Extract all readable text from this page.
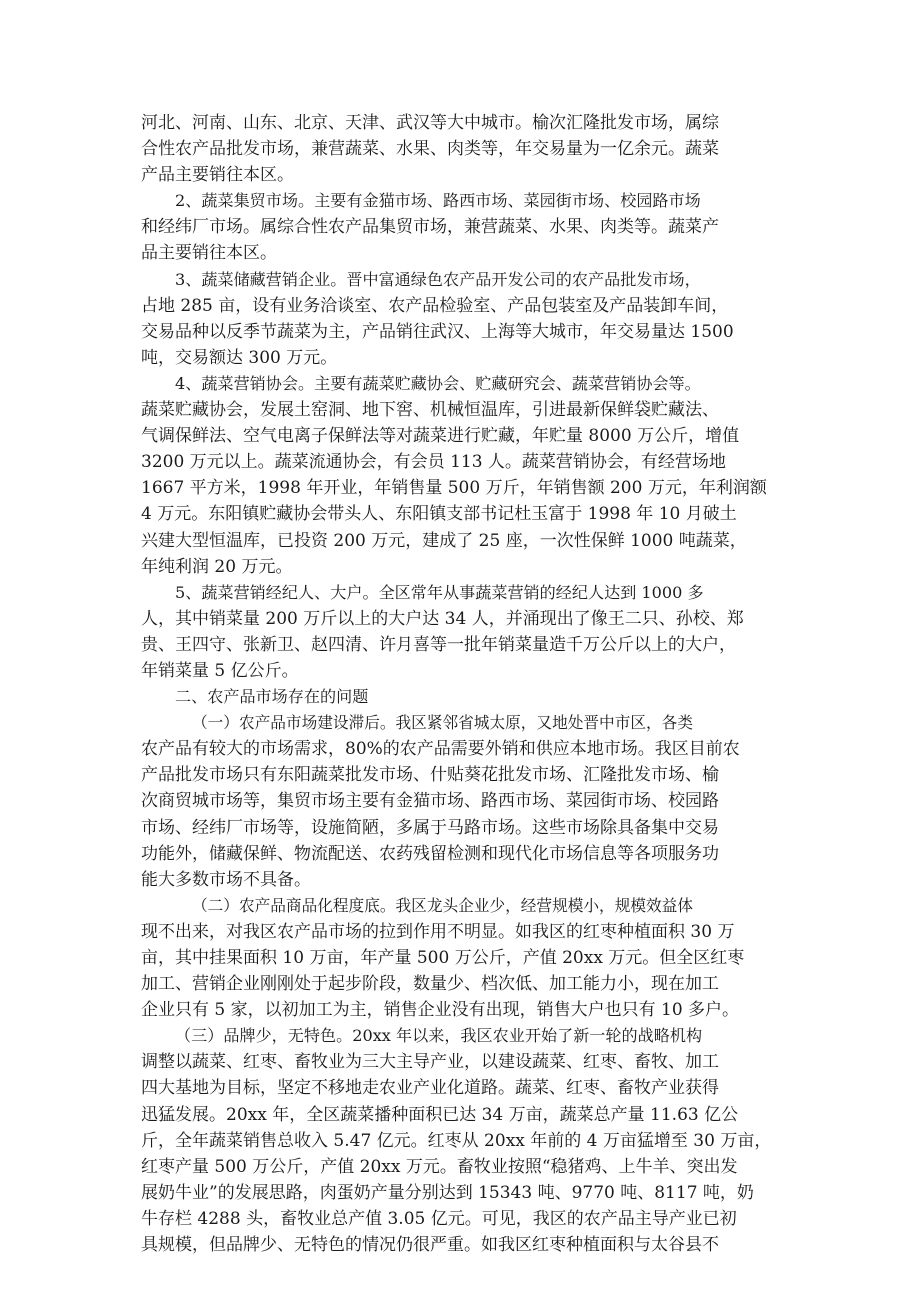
河北、河南、山东、北京、天津、武汉等大中城市。榆次汇隆批发市场，属综
合性农产品批发市场，兼营蔬菜、水果、肉类等，年交易量为一亿余元。蔬菜
产品主要销往本区。

2、蔬菜集贸市场。主要有金猫市场、路西市场、菜园街市场、校园路市场
和经纬厂市场。属综合性农产品集贸市场，兼营蔬菜、水果、肉类等。蔬菜产
品主要销往本区。

3、蔬菜储藏营销企业。晋中富通绿色农产品开发公司的农产品批发市场，
占地 285 亩，设有业务洽谈室、农产品检验室、产品包装室及产品装卸车间，
交易品种以反季节蔬菜为主，产品销往武汉、上海等大城市，年交易量达 1500
吨，交易额达 300 万元。

4、蔬菜营销协会。主要有蔬菜贮藏协会、贮藏研究会、蔬菜营销协会等。
蔬菜贮藏协会，发展土窑洞、地下窖、机械恒温库，引进最新保鲜袋贮藏法、
气调保鲜法、空气电离子保鲜法等对蔬菜进行贮藏，年贮量 8000 万公斤，增值
3200 万元以上。蔬菜流通协会，有会员 113 人。蔬菜营销协会，有经营场地
1667 平方米，1998 年开业，年销售量 500 万斤，年销售额 200 万元，年利润额
4 万元。东阳镇贮藏协会带头人、东阳镇支部书记杜玉富于 1998 年 10 月破土
兴建大型恒温库，已投资 200 万元，建成了 25 座，一次性保鲜 1000 吨蔬菜，
年纯利润 20 万元。

5、蔬菜营销经纪人、大户。全区常年从事蔬菜营销的经纪人达到 1000 多
人，其中销菜量 200 万斤以上的大户达 34 人，并涌现出了像王二只、孙校、郑
贵、王四守、张新卫、赵四清、许月喜等一批年销菜量造千万公斤以上的大户，
年销菜量 5 亿公斤。

二、农产品市场存在的问题

（一）农产品市场建设滞后。我区紧邻省城太原，又地处晋中市区，各类
农产品有较大的市场需求，80%的农产品需要外销和供应本地市场。我区目前农
产品批发市场只有东阳蔬菜批发市场、什贴葵花批发市场、汇隆批发市场、榆
次商贸城市场等，集贸市场主要有金猫市场、路西市场、菜园街市场、校园路
市场、经纬厂市场等，设施简陋，多属于马路市场。这些市场除具备集中交易
功能外，储藏保鲜、物流配送、农药残留检测和现代化市场信息等各项服务功
能大多数市场不具备。

（二）农产品商品化程度底。我区龙头企业少，经营规模小，规模效益体
现不出来，对我区农产品市场的拉到作用不明显。如我区的红枣种植面积 30 万
亩，其中挂果面积 10 万亩，年产量 500 万公斤，产值 20xx 万元。但全区红枣
加工、营销企业刚刚处于起步阶段，数量少、档次低、加工能力小，现在加工
企业只有 5 家，以初加工为主，销售企业没有出现，销售大户也只有 10 多户。

（三）品牌少，无特色。20xx 年以来，我区农业开始了新一轮的战略机构
调整以蔬菜、红枣、畜牧业为三大主导产业，以建设蔬菜、红枣、畜牧、加工
四大基地为目标，坚定不移地走农业产业化道路。蔬菜、红枣、畜牧产业获得
迅猛发展。20xx 年，全区蔬菜播种面积已达 34 万亩，蔬菜总产量 11.63 亿公
斤，全年蔬菜销售总收入 5.47 亿元。红枣从 20xx 年前的 4 万亩猛增至 30 万亩，
红枣产量 500 万公斤，产值 20xx 万元。畜牧业按照“稳猪鸡、上牛羊、突出发
展奶牛业”的发展思路，肉蛋奶产量分别达到 15343 吨、9770 吨、8117 吨，奶
牛存栏 4288 头，畜牧业总产值 3.05 亿元。可见，我区的农产品主导产业已初
具规模，但品牌少、无特色的情况仍很严重。如我区红枣种植面积与太谷县不
